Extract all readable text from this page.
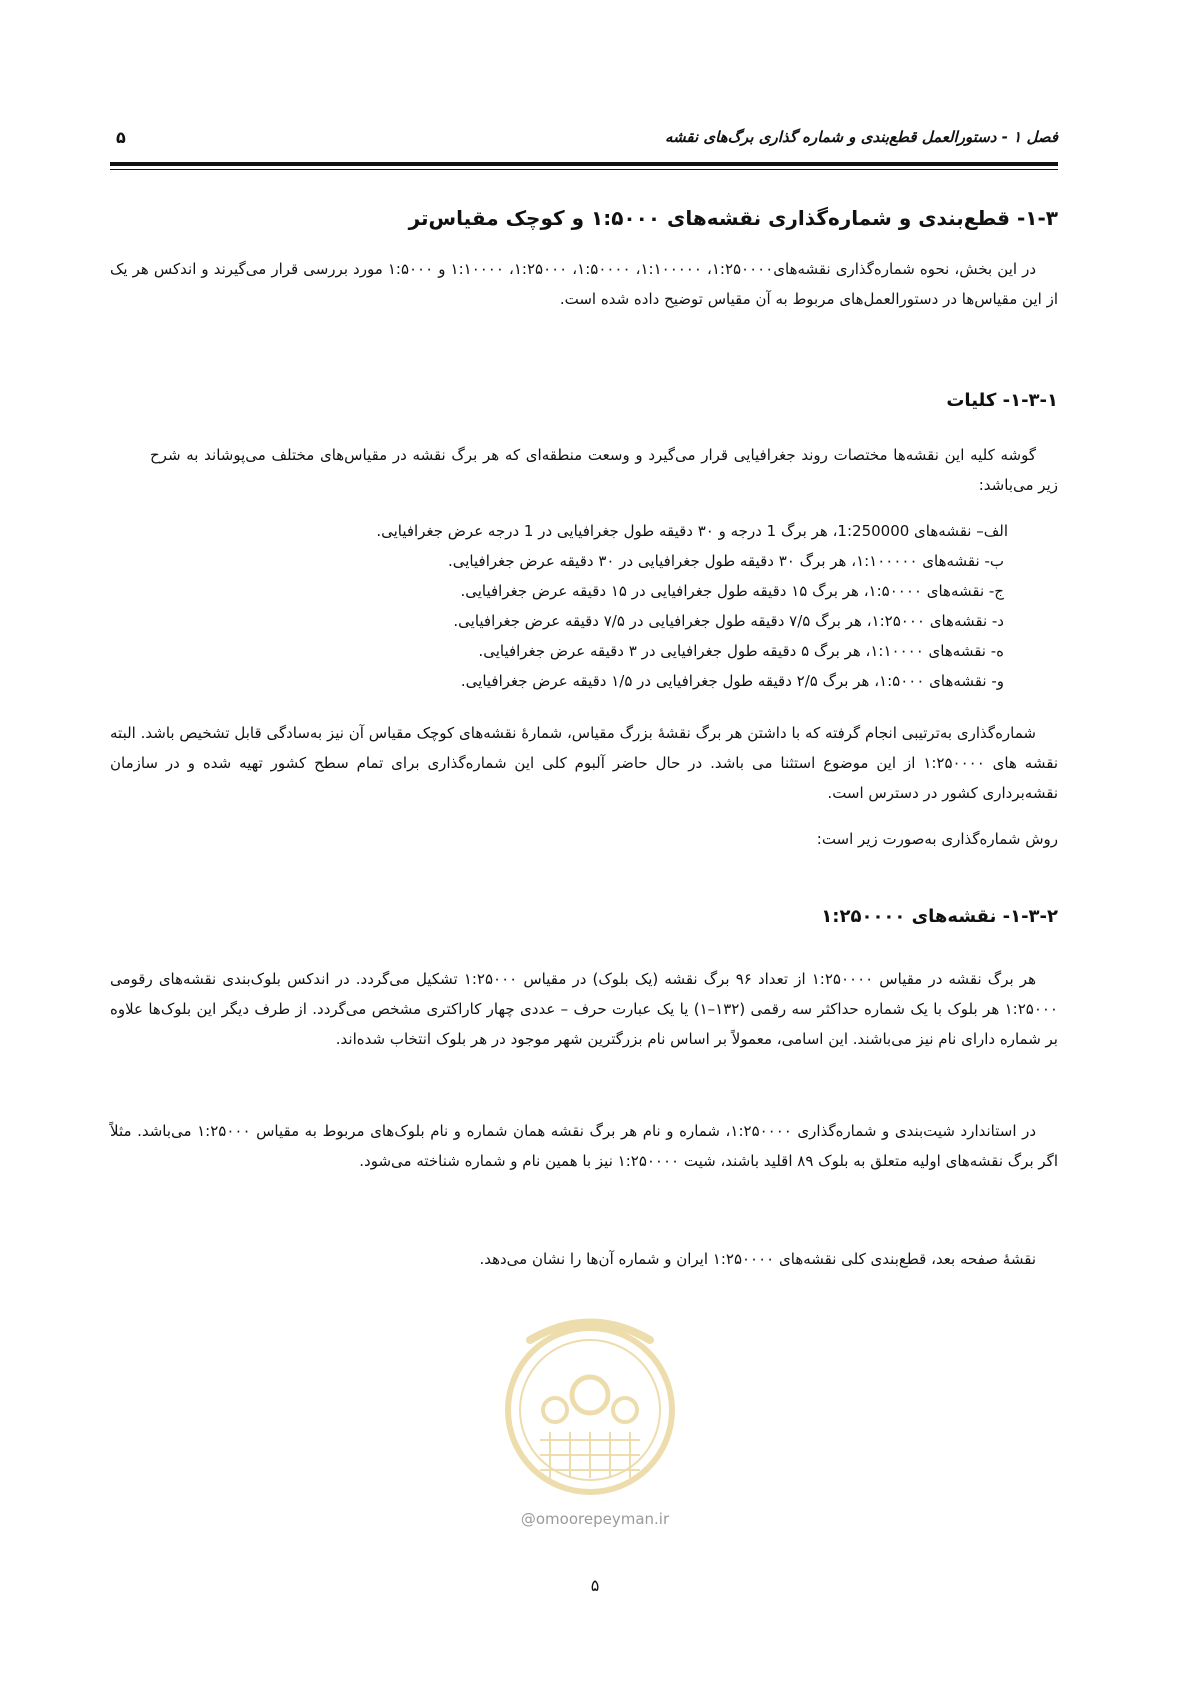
فصل ۱ - دستورالعمل قطع‌بندی و شماره گذاری برگ‌های نقشه
۵
۱-۳- قطع‌بندی و شماره‌گذاری نقشه‌های ۱:۵۰۰۰ و کوچک مقیاس‌تر

در این بخش، نحوه شماره‌گذاری نقشه‌های۱:۲۵۰۰۰۰، ۱:۱۰۰۰۰۰، ۱:۵۰۰۰۰، ۱:۲۵۰۰۰، ۱:۱۰۰۰۰ و ۱:۵۰۰۰ مورد بررسی قرار می‌گیرند و اندکس هر یک از این مقیاس‌ها در دستورالعمل‌های مربوط به آن مقیاس توضیح داده شده است.

۱-۳-۱- کلیات

گوشه کلیه این نقشه‌ها مختصات روند جغرافیایی قرار می‌گیرد و وسعت منطقه‌ای که هر برگ نقشه در مقیاس‌های مختلف می‌پوشاند به شرح زیر می‌باشد:

الف– نقشه‌های 1:250000، هر برگ 1 درجه و ۳۰ دقیقه طول جغرافیایی در 1 درجه عرض جغرافیایی.
ب- نقشه‌های ۱:۱۰۰۰۰۰، هر برگ ۳۰ دقیقه طول جغرافیایی در ۳۰ دقیقه عرض جغرافیایی.
ج- نقشه‌های ۱:۵۰۰۰۰، هر برگ ۱۵ دقیقه طول جغرافیایی در ۱۵ دقیقه عرض جغرافیایی.
د- نقشه‌های ۱:۲۵۰۰۰، هر برگ ۷/۵ دقیقه طول جغرافیایی در ۷/۵ دقیقه عرض جغرافیایی.
ه- نقشه‌های ۱:۱۰۰۰۰، هر برگ ۵ دقیقه طول جغرافیایی در ۳ دقیقه عرض جغرافیایی.
و- نقشه‌های ۱:۵۰۰۰، هر برگ ۲/۵ دقیقه طول جغرافیایی در ۱/۵ دقیقه عرض جغرافیایی.

شماره‌گذاری به‌ترتیبی انجام گرفته که با داشتن هر برگ نقشهٔ بزرگ مقیاس، شمارهٔ نقشه‌های کوچک مقیاس آن نیز به‌سادگی قابل تشخیص باشد. البته نقشه های ۱:۲۵۰۰۰۰ از این موضوع استثنا می باشد. در حال حاضر آلبوم کلی این شماره‌گذاری برای تمام سطح کشور تهیه شده و در سازمان نقشه‌برداری کشور در دسترس است.

روش شماره‌گذاری به‌صورت زیر است:

۱-۳-۲- نقشه‌های ۱:۲۵۰۰۰۰

هر برگ نقشه در مقیاس ۱:۲۵۰۰۰۰ از تعداد ۹۶ برگ نقشه (یک بلوک) در مقیاس ۱:۲۵۰۰۰ تشکیل می‌گردد. در اندکس بلوک‌بندی نقشه‌های رقومی ۱:۲۵۰۰۰ هر بلوک با یک شماره حداکثر سه رقمی (۱۳۲–۱) یا یک عبارت حرف – عددی چهار کاراکتری مشخص می‌گردد. از طرف دیگر این بلوک‌ها علاوه بر شماره دارای نام نیز می‌باشند. این اسامی، معمولاً بر اساس نام بزرگترین شهر موجود در هر بلوک انتخاب شده‌اند.

در استاندارد شیت‌بندی و شماره‌گذاری ۱:۲۵۰۰۰۰، شماره و نام هر برگ نقشه همان شماره و نام بلوک‌های مربوط به مقیاس ۱:۲۵۰۰۰ می‌باشد. مثلاً اگر برگ نقشه‌های اولیه متعلق به بلوک ۸۹ اقلید باشند، شیت ۱:۲۵۰۰۰۰ نیز با همین نام و شماره شناخته می‌شود.

نقشهٔ صفحه بعد، قطع‌بندی کلی نقشه‌های ۱:۲۵۰۰۰۰ ایران و شماره آن‌ها را نشان می‌دهد.

@omoorepeyman.ir
۵
